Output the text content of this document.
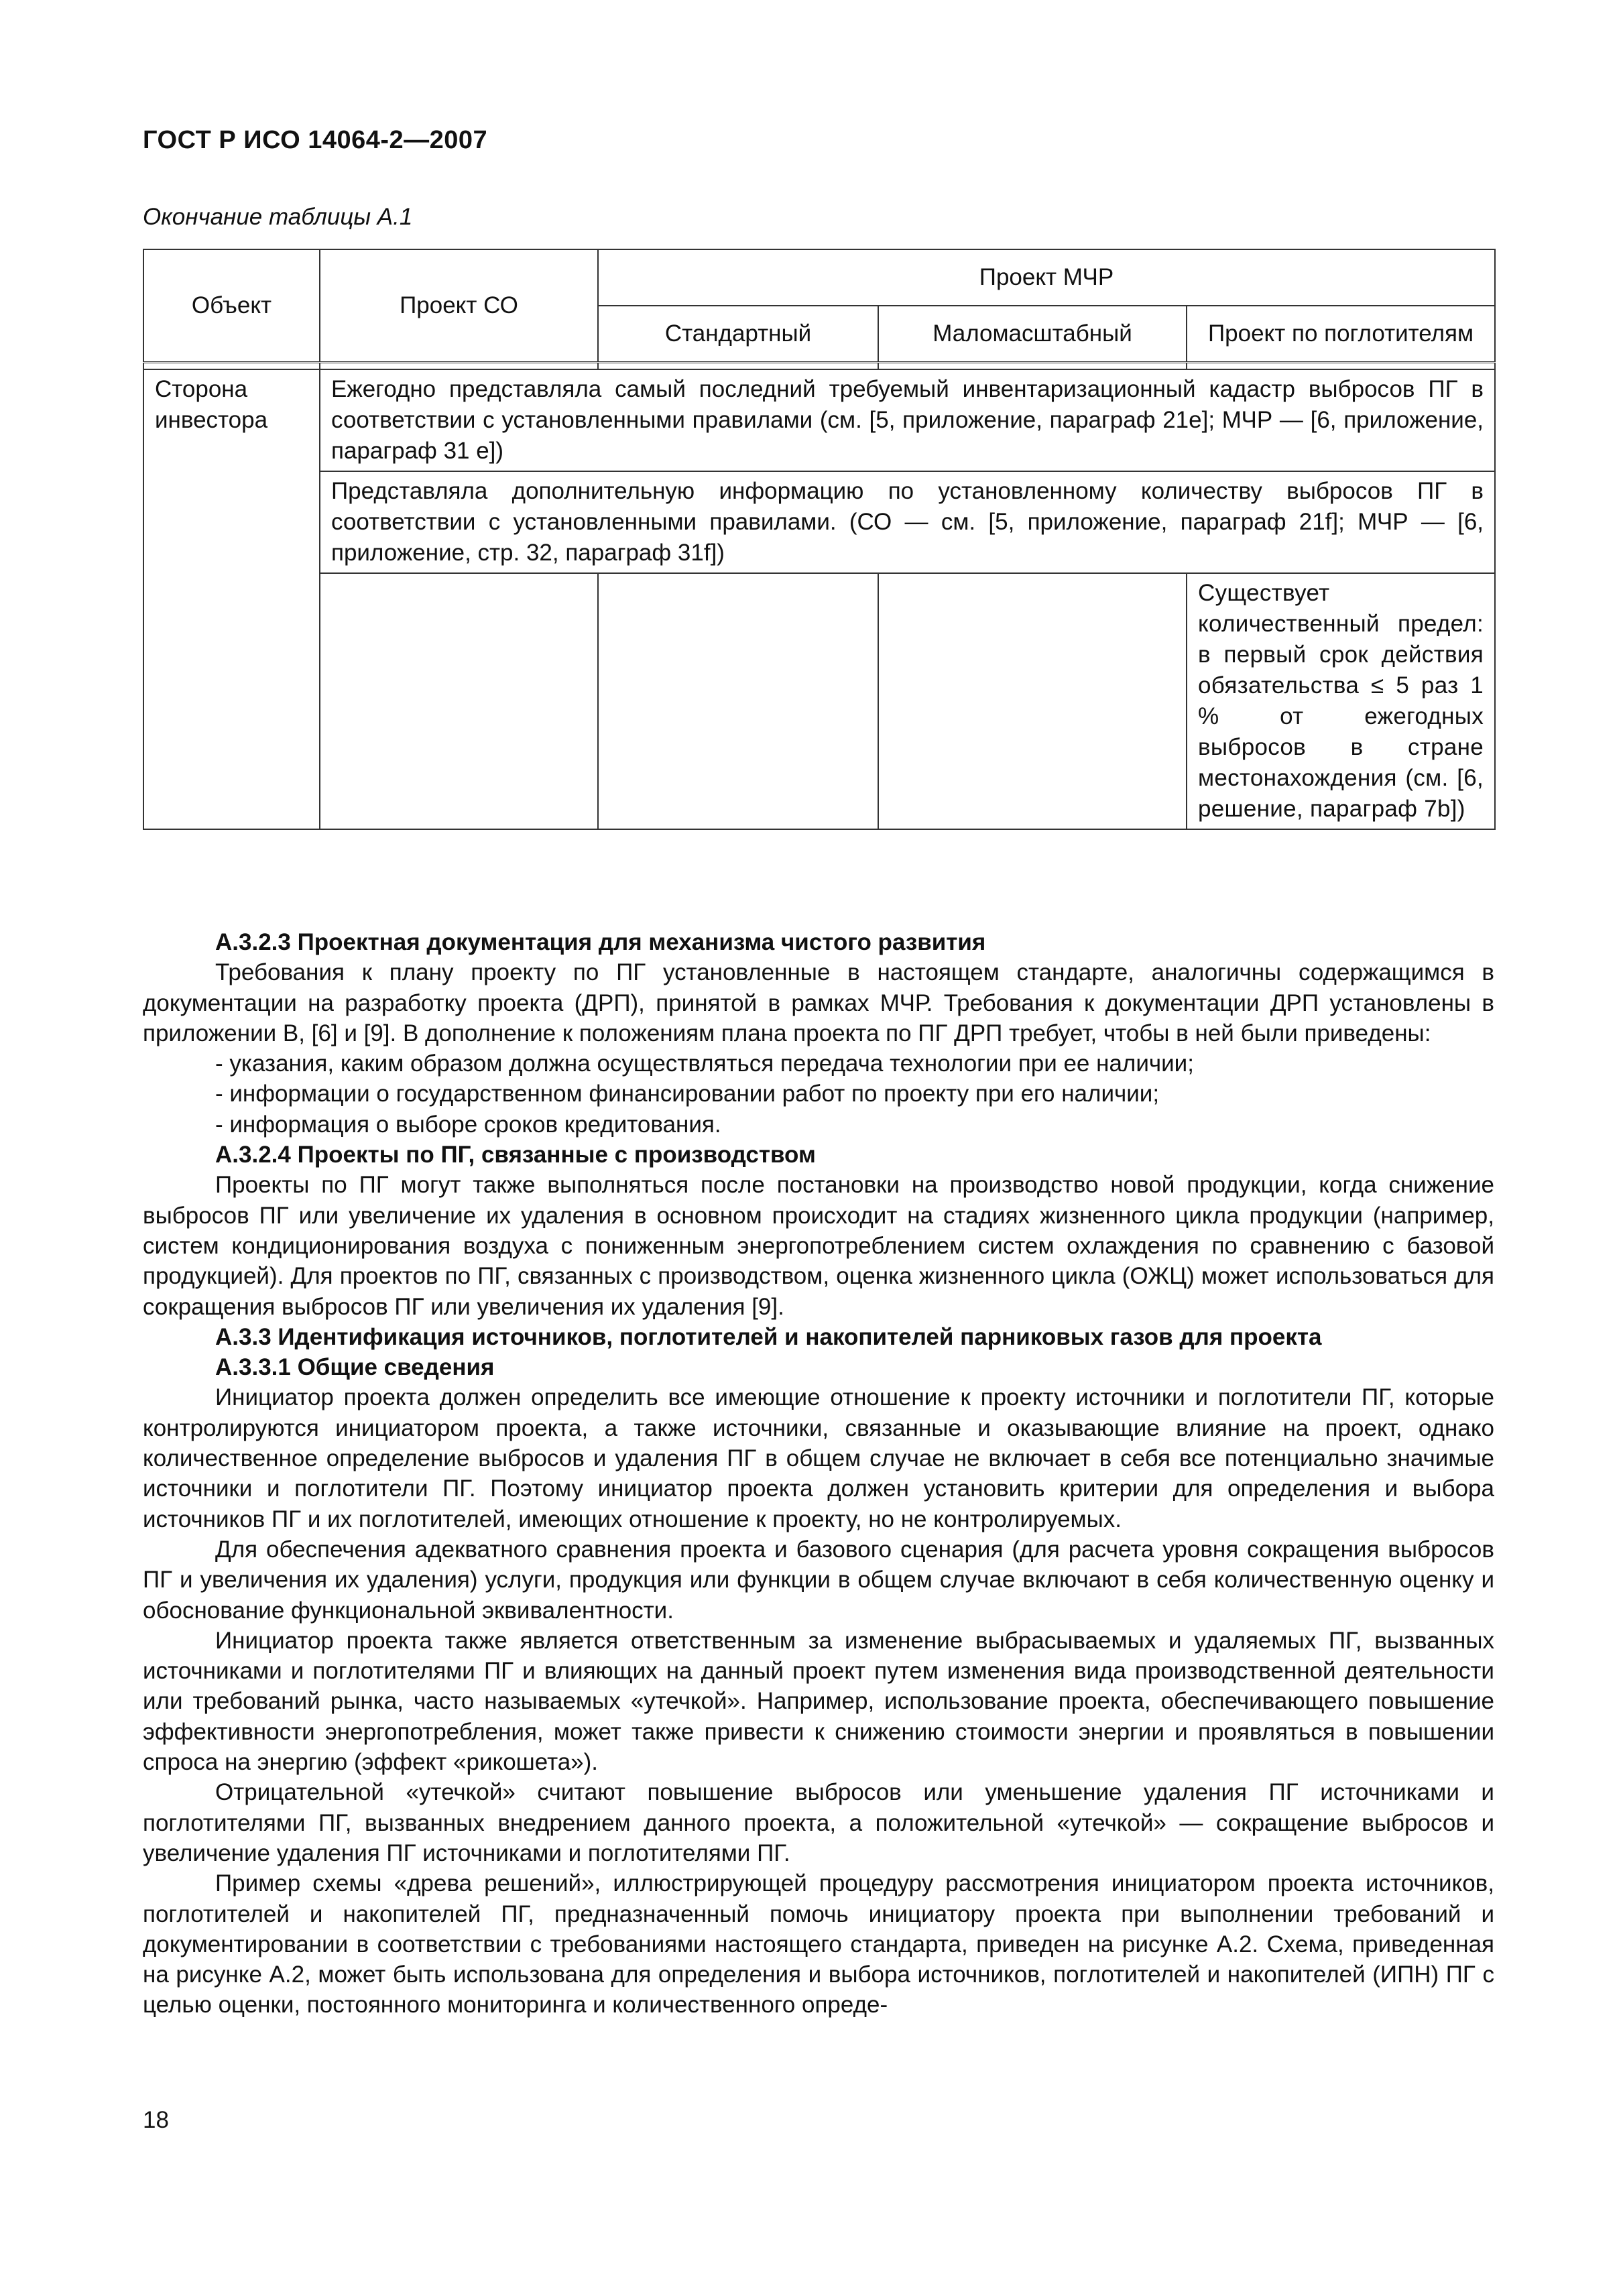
ГОСТ Р ИСО 14064-2—2007
Окончание таблицы А.1
Объект	Проект СО	Проект МЧР		
		Стандартный	Маломасштабный	Проект по поглотителям

Сторона инвестора	Ежегодно представляла самый последний требуемый инвентаризационный кадастр выбросов ПГ в соответствии с установленными правилами (см. [5, приложение, параграф 21е]; МЧР — [6, приложение, параграф 31 е])			
	Представляла дополнительную информацию по установленному количеству выбросов ПГ в соответствии с установленными правилами. (СО — см. [5, приложение, параграф 21f]; МЧР — [6, приложение, стр. 32, параграф 31f])			
				Существует количественный предел: в первый срок действия обязательства ≤ 5 раз 1 % от ежегодных выбросов в стране местонахождения (см. [6, решение, параграф 7b])

А.3.2.3 Проектная документация для механизма чистого развития

Требования к плану проекту по ПГ установленные в настоящем стандарте, аналогичны содержащимся в документации на разработку проекта (ДРП), принятой в рамках МЧР. Требования к документации ДРП установлены в приложении В, [6] и [9]. В дополнение к положениям плана проекта по ПГ ДРП требует, чтобы в ней были приведены:

- указания, каким образом должна осуществляться передача технологии при ее наличии;

- информации о государственном финансировании работ по проекту при его наличии;

- информация о выборе сроков кредитования.

А.3.2.4 Проекты по ПГ, связанные с производством

Проекты по ПГ могут также выполняться после постановки на производство новой продукции, когда снижение выбросов ПГ или увеличение их удаления в основном происходит на стадиях жизненного цикла продукции (например, систем кондиционирования воздуха с пониженным энергопотреблением систем охлаждения по сравнению с базовой продукцией). Для проектов по ПГ, связанных с производством, оценка жизненного цикла (ОЖЦ) может использоваться для сокращения выбросов ПГ или увеличения их удаления [9].

А.3.3 Идентификация источников, поглотителей и накопителей парниковых газов для проекта

А.3.3.1 Общие сведения

Инициатор проекта должен определить все имеющие отношение к проекту источники и поглотители ПГ, которые контролируются инициатором проекта, а также источники, связанные и оказывающие влияние на проект, однако количественное определение выбросов и удаления ПГ в общем случае не включает в себя все потенциально значимые источники и поглотители ПГ. Поэтому инициатор проекта должен установить критерии для определения и выбора источников ПГ и их поглотителей, имеющих отношение к проекту, но не контролируемых.

Для обеспечения адекватного сравнения проекта и базового сценария (для расчета уровня сокращения выбросов ПГ и увеличения их удаления) услуги, продукция или функции в общем случае включают в себя количественную оценку и обоснование функциональной эквивалентности.

Инициатор проекта также является ответственным за изменение выбрасываемых и удаляемых ПГ, вызванных источниками и поглотителями ПГ и влияющих на данный проект путем изменения вида производственной деятельности или требований рынка, часто называемых «утечкой». Например, использование проекта, обеспечивающего повышение эффективности энергопотребления, может также привести к снижению стоимости энергии и проявляться в повышении спроса на энергию (эффект «рикошета»).

Отрицательной «утечкой» считают повышение выбросов или уменьшение удаления ПГ источниками и поглотителями ПГ, вызванных внедрением данного проекта, а положительной «утечкой» — сокращение выбросов и увеличение удаления ПГ источниками и поглотителями ПГ.

Пример схемы «древа решений», иллюстрирующей процедуру рассмотрения инициатором проекта источников, поглотителей и накопителей ПГ, предназначенный помочь инициатору проекта при выполнении требований и документировании в соответствии с требованиями настоящего стандарта, приведен на рисунке А.2. Схема, приведенная на рисунке А.2, может быть использована для определения и выбора источников, поглотителей и накопителей (ИПН) ПГ с целью оценки, постоянного мониторинга и количественного опреде-

18
